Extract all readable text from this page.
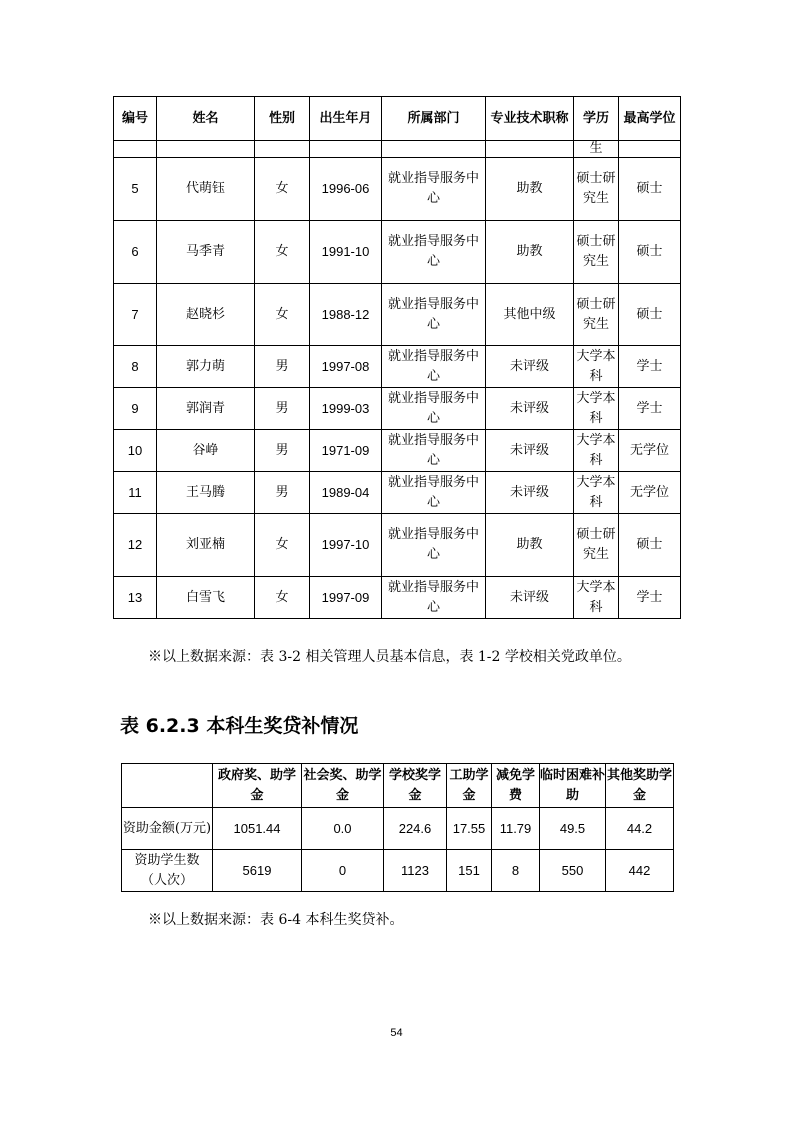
编号	姓名	性别	出生年月	所属部门	专业技术职称	学历	最高学位
						生	
5	代萌钰	女	1996-06	就业指导服务中心	助教	硕士研究生	硕士
6	马季青	女	1991-10	就业指导服务中心	助教	硕士研究生	硕士
7	赵晓杉	女	1988-12	就业指导服务中心	其他中级	硕士研究生	硕士
8	郭力萌	男	1997-08	就业指导服务中心	未评级	大学本科	学士
9	郭润青	男	1999-03	就业指导服务中心	未评级	大学本科	学士
10	谷峥	男	1971-09	就业指导服务中心	未评级	大学本科	无学位
11	王马腾	男	1989-04	就业指导服务中心	未评级	大学本科	无学位
12	刘亚楠	女	1997-10	就业指导服务中心	助教	硕士研究生	硕士
13	白雪飞	女	1997-09	就业指导服务中心	未评级	大学本科	学士
※以上数据来源：表 3-2 相关管理人员基本信息，表 1-2 学校相关党政单位。
表 6.2.3 本科生奖贷补情况
	政府奖、助学金	社会奖、助学金	学校奖学金	工助学金	减免学费	临时困难补助	其他奖助学金
资助金额(万元)	1051.44	0.0	224.6	17.55	11.79	49.5	44.2
资助学生数（人次）	5619	0	1123	151	8	550	442
※以上数据来源：表 6-4 本科生奖贷补。
54
